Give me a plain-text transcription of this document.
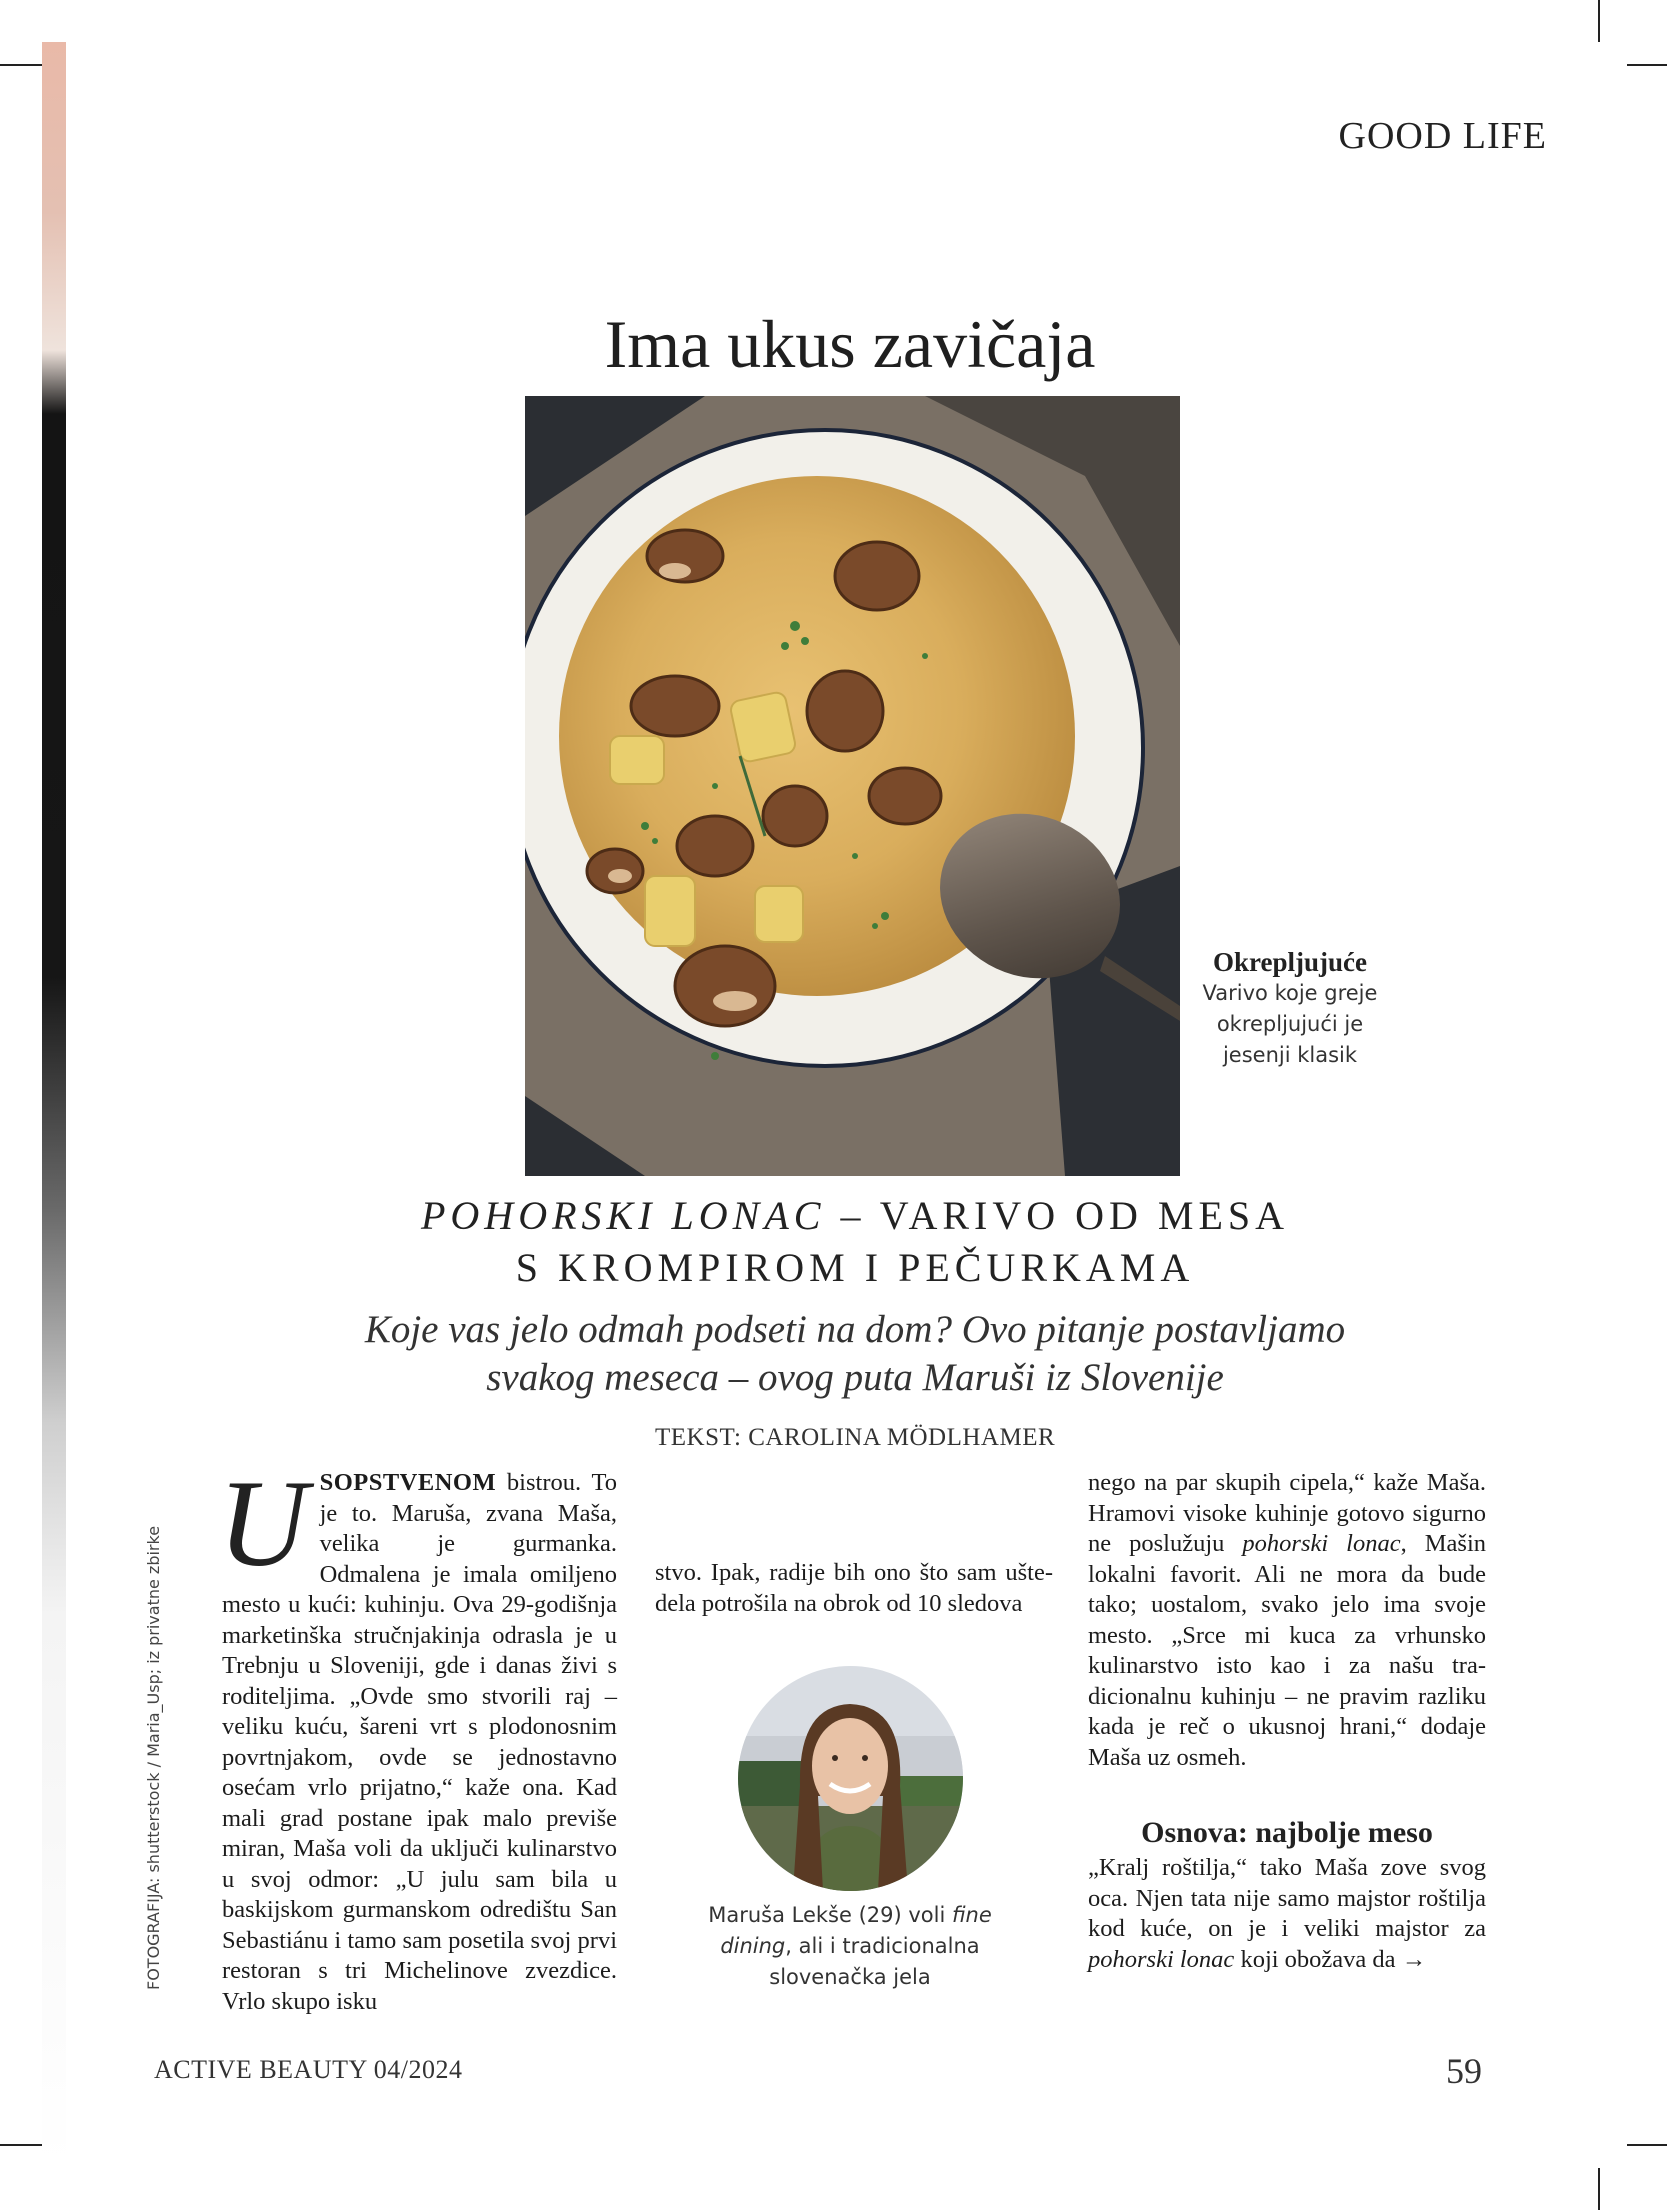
GOOD LIFE
Ima ukus zavičaja
Okrepljujuće
Varivo koje greje
okrepljujući je
jesenji klasik
POHORSKI LONAC – VARIVO OD MESA
S KROMPIROM I PEČURKAMA
Koje vas jelo odmah podseti na dom? Ovo pitanje postavljamo
svakog meseca – ovog puta Maruši iz Slovenije
TEKST: CAROLINA MÖDLHAMER
USOPSTVENOM bistrou. To je to. Maruša, zvana Maša, velika je gurmanka. Odmalena je imala omiljeno mesto u kući: kuhinju. Ova 29-godišnja marketinška stručnjakinja odrasla je u Trebnju u Sloveniji, gde i danas živi s roditeljima. „Ovde smo stvorili raj – veliku kuću, šareni vrt s plodonosnim povrtnjakom, ovde se jednostavno osećam vrlo prijatno,“ kaže ona. Kad mali grad postane ipak malo previše miran, Maša voli da uključi kulinarstvo u svoj odmor: „U julu sam bila u baskijskom gurmanskom odredištu San Sebastiánu i tamo sam posetila svoj prvi restoran s tri Michelinove zvezdice. Vrlo skupo isku
stvo. Ipak, radije bih ono što sam uštedela potrošila na obrok od 10 sledova
Maruša Lekše (29) voli fine dining, ali i tradicionalna slovenačka jela
nego na par skupih cipela,“ kaže Maša. Hramovi visoke kuhinje gotovo sigurno ne poslužuju pohorski lonac, Mašin lokalni favorit. Ali ne mora da bude tako; uostalom, svako jelo ima svoje mesto. „Srce mi kuca za vrhunsko kulinarstvo isto kao i za našu tradicionalnu kuhinju – ne pravim razliku kada je reč o ukusnoj hrani,“ dodaje Maša uz osmeh.
Osnova: najbolje meso
„Kralj roštilja,“ tako Maša zove svog oca. Njen tata nije samo majstor roštilja kod kuće, on je i veliki majstor za pohorski lonac koji obožava da →
FOTOGRAFIJA: shutterstock / Maria_Usp; iz privatne zbirke
ACTIVE BEAUTY 04/2024	59
